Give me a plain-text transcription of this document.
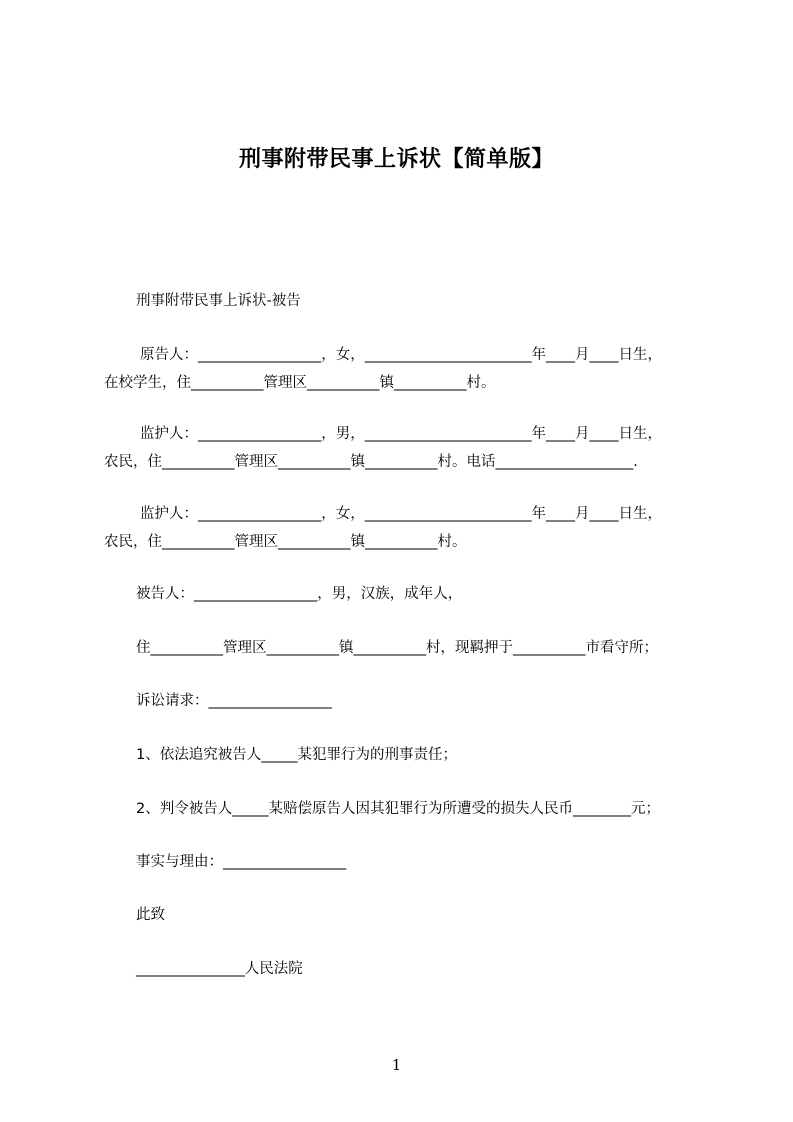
刑事附带民事上诉状【简单版】
刑事附带民事上诉状-被告
原告人：_________________，女，_______________________年____月____日生，
在校学生，住__________管理区__________镇__________村。
监护人：_________________，男，_______________________年____月____日生，
农民，住__________管理区__________镇__________村。电话___________________.
监护人：_________________，女，_______________________年____月____日生，
农民，住__________管理区__________镇__________村。
被告人：_________________，男，汉族，成年人，
住__________管理区__________镇__________村，现羁押于__________市看守所；
诉讼请求：_________________
1、依法追究被告人_____某犯罪行为的刑事责任；
2、判令被告人_____某赔偿原告人因其犯罪行为所遭受的损失人民币________元；
事实与理由：_________________
此致
_______________人民法院
1
